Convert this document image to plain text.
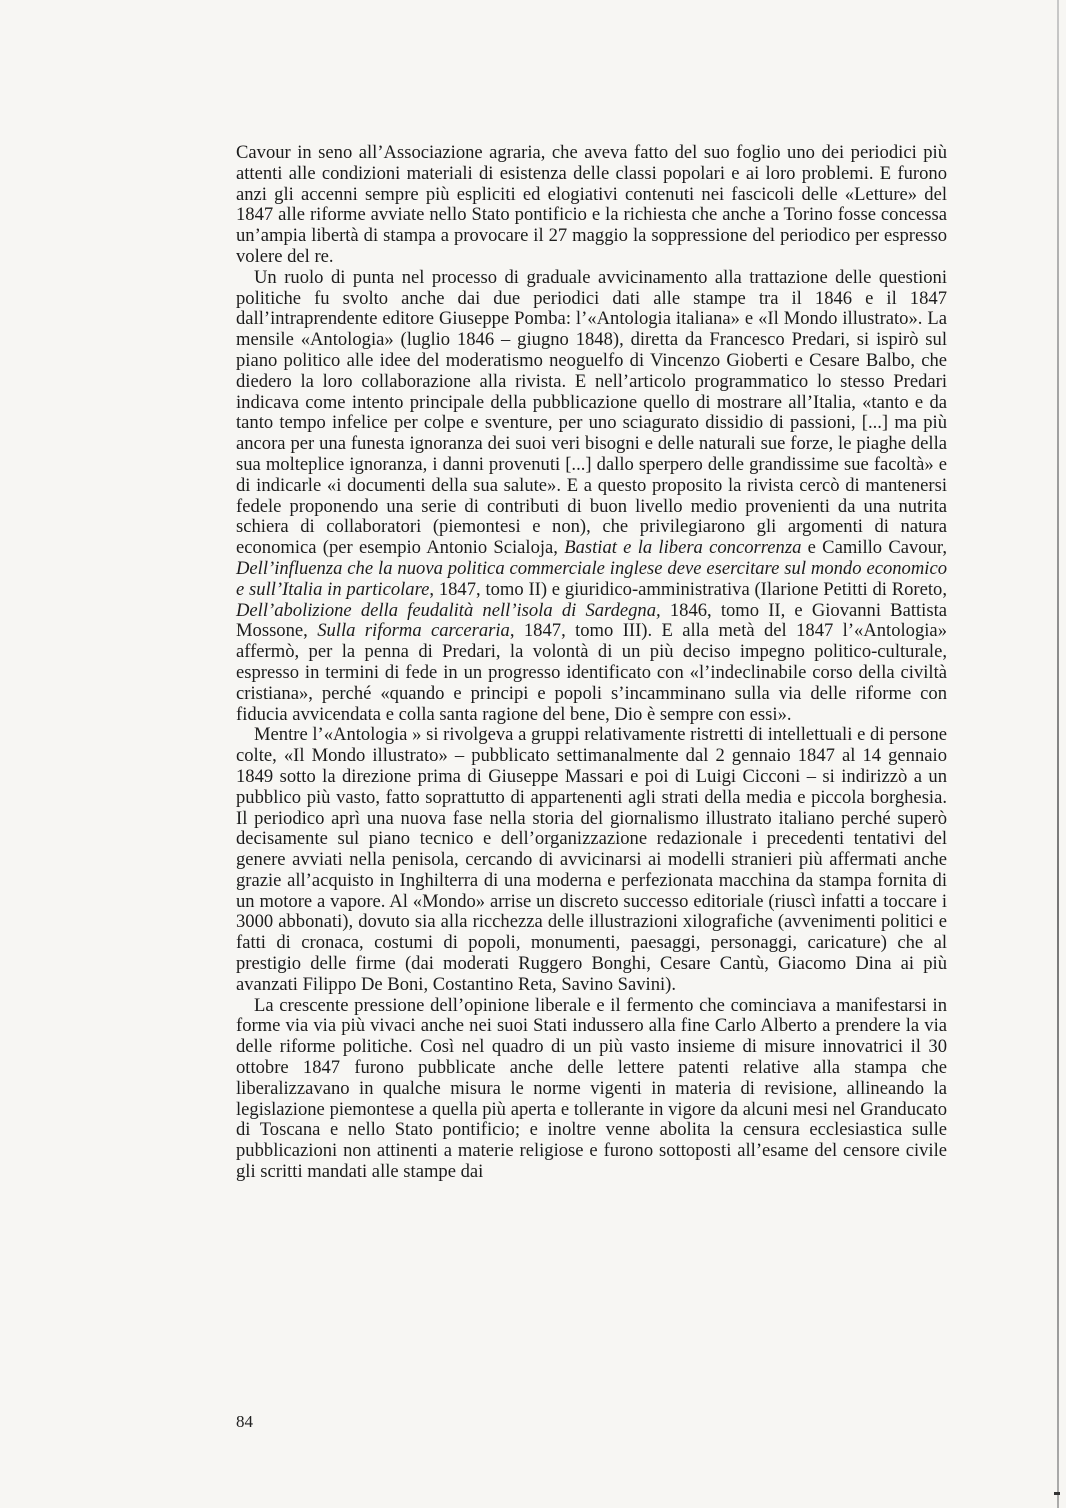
Cavour in seno all’Associazione agraria, che aveva fatto del suo foglio uno dei periodici più attenti alle condizioni materiali di esistenza delle classi popolari e ai loro problemi. E furono anzi gli accenni sempre più espliciti ed elogiativi contenuti nei fascicoli delle «Letture» del 1847 alle riforme avviate nello Stato pontificio e la richiesta che anche a Torino fosse concessa un’ampia libertà di stampa a provocare il 27 maggio la soppressione del periodico per espresso volere del re.

Un ruolo di punta nel processo di graduale avvicinamento alla trattazione delle questioni politiche fu svolto anche dai due periodici dati alle stampe tra il 1846 e il 1847 dall’intraprendente editore Giuseppe Pomba: l’«Antologia italiana» e «Il Mondo illustrato». La mensile «Antologia» (luglio 1846 – giugno 1848), diretta da Francesco Predari, si ispirò sul piano politico alle idee del moderatismo neoguelfo di Vincenzo Gioberti e Cesare Balbo, che diedero la loro collaborazione alla rivista. E nell’articolo programmatico lo stesso Predari indicava come intento principale della pubblicazione quello di mostrare all’Italia, «tanto e da tanto tempo infelice per colpe e sventure, per uno sciagurato dissidio di passioni, [...] ma più ancora per una funesta ignoranza dei suoi veri bisogni e delle naturali sue forze, le piaghe della sua molteplice ignoranza, i danni provenuti [...] dallo sperpero delle grandissime sue facoltà» e di indicarle «i documenti della sua salute». E a questo proposito la rivista cercò di mantenersi fedele proponendo una serie di contributi di buon livello medio provenienti da una nutrita schiera di collaboratori (piemontesi e non), che privilegiarono gli argomenti di natura economica (per esempio Antonio Scialoja, Bastiat e la libera concorrenza e Camillo Cavour, Dell’influenza che la nuova politica commerciale inglese deve esercitare sul mondo economico e sull’Italia in particolare, 1847, tomo II) e giuridico-amministrativa (Ilarione Petitti di Roreto, Dell’abolizione della feudalità nell’isola di Sardegna, 1846, tomo II, e Giovanni Battista Mossone, Sulla riforma carceraria, 1847, tomo III). E alla metà del 1847 l’«Antologia» affermò, per la penna di Predari, la volontà di un più deciso impegno politico-culturale, espresso in termini di fede in un progresso identificato con «l’indeclinabile corso della civiltà cristiana», perché «quando e principi e popoli s’incamminano sulla via delle riforme con fiducia avvicendata e colla santa ragione del bene, Dio è sempre con essi».

Mentre l’«Antologia » si rivolgeva a gruppi relativamente ristretti di intellettuali e di persone colte, «Il Mondo illustrato» – pubblicato settimanalmente dal 2 gennaio 1847 al 14 gennaio 1849 sotto la direzione prima di Giuseppe Massari e poi di Luigi Cicconi – si indirizzò a un pubblico più vasto, fatto soprattutto di appartenenti agli strati della media e piccola borghesia. Il periodico aprì una nuova fase nella storia del giornalismo illustrato italiano perché superò decisamente sul piano tecnico e dell’organizzazione redazionale i precedenti tentativi del genere avviati nella penisola, cercando di avvicinarsi ai modelli stranieri più affermati anche grazie all’acquisto in Inghilterra di una moderna e perfezionata macchina da stampa fornita di un motore a vapore. Al «Mondo» arrise un discreto successo editoriale (riuscì infatti a toccare i 3000 abbonati), dovuto sia alla ricchezza delle illustrazioni xilografiche (avvenimenti politici e fatti di cronaca, costumi di popoli, monumenti, paesaggi, personaggi, caricature) che al prestigio delle firme (dai moderati Ruggero Bonghi, Cesare Cantù, Giacomo Dina ai più avanzati Filippo De Boni, Costantino Reta, Savino Savini).

La crescente pressione dell’opinione liberale e il fermento che cominciava a manifestarsi in forme via via più vivaci anche nei suoi Stati indussero alla fine Carlo Alberto a prendere la via delle riforme politiche. Così nel quadro di un più vasto insieme di misure innovatrici il 30 ottobre 1847 furono pubblicate anche delle lettere patenti relative alla stampa che liberalizzavano in qualche misura le norme vigenti in materia di revisione, allineando la legislazione piemontese a quella più aperta e tollerante in vigore da alcuni mesi nel Granducato di Toscana e nello Stato pontificio; e inoltre venne abolita la censura ecclesiastica sulle pubblicazioni non attinenti a materie religiose e furono sottoposti all’esame del censore civile gli scritti mandati alle stampe dai

84
